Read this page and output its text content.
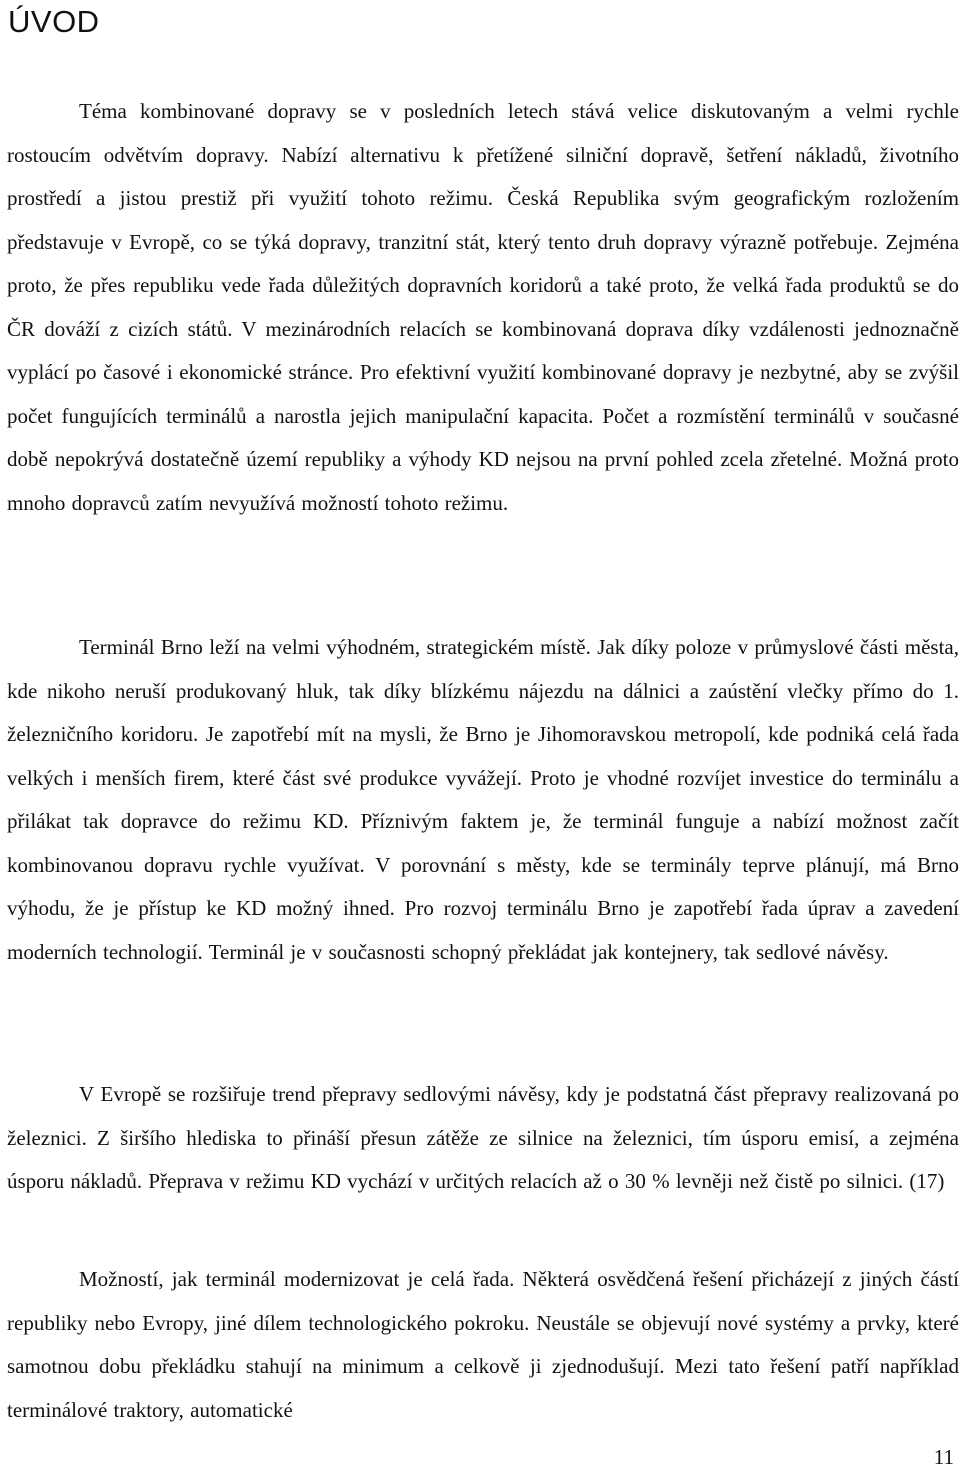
ÚVOD

Téma kombinované dopravy se v posledních letech stává velice diskutovaným a velmi rychle rostoucím odvětvím dopravy. Nabízí alternativu k přetížené silniční dopravě, šetření nákladů, životního prostředí a jistou prestiž při využití tohoto režimu. Česká Republika svým geografickým rozložením představuje v Evropě, co se týká dopravy, tranzitní stát, který tento druh dopravy výrazně potřebuje. Zejména proto, že přes republiku vede řada důležitých dopravních koridorů a také proto, že velká řada produktů se do ČR dováží z cizích států. V mezinárodních relacích se kombinovaná doprava díky vzdálenosti jednoznačně vyplácí po časové i ekonomické stránce. Pro efektivní využití kombinované dopravy je nezbytné, aby se zvýšil počet fungujících terminálů a narostla jejich manipulační kapacita. Počet a rozmístění terminálů v současné době nepokrývá dostatečně území republiky a výhody KD nejsou na první pohled zcela zřetelné. Možná proto mnoho dopravců zatím nevyužívá možností tohoto režimu.

Terminál Brno leží na velmi výhodném, strategickém místě. Jak díky poloze v průmyslové části města, kde nikoho neruší produkovaný hluk, tak díky blízkému nájezdu na dálnici a zaústění vlečky přímo do 1. železničního koridoru. Je zapotřebí mít na mysli, že Brno je Jihomoravskou metropolí, kde podniká celá řada velkých i menších firem, které část své produkce vyvážejí. Proto je vhodné rozvíjet investice do terminálu a přilákat tak dopravce do režimu KD. Příznivým faktem je, že terminál funguje a nabízí možnost začít kombinovanou dopravu rychle využívat. V porovnání s městy, kde se terminály teprve plánují, má Brno výhodu, že je přístup ke KD možný ihned. Pro rozvoj terminálu Brno je zapotřebí řada úprav a zavedení moderních technologií. Terminál je v současnosti schopný překládat jak kontejnery, tak sedlové návěsy.

V Evropě se rozšiřuje trend přepravy sedlovými návěsy, kdy je podstatná část přepravy realizovaná po železnici. Z širšího hlediska to přináší přesun zátěže ze silnice na železnici, tím úsporu emisí, a zejména úsporu nákladů. Přeprava v režimu KD vychází v určitých relacích až o 30 % levněji než čistě po silnici. (17)

Možností, jak terminál modernizovat je celá řada. Některá osvědčená řešení přicházejí z jiných částí republiky nebo Evropy, jiné dílem technologického pokroku. Neustále se objevují nové systémy a prvky, které samotnou dobu překládku stahují na minimum a celkově ji zjednodušují. Mezi tato řešení patří například terminálové traktory, automatické

11
